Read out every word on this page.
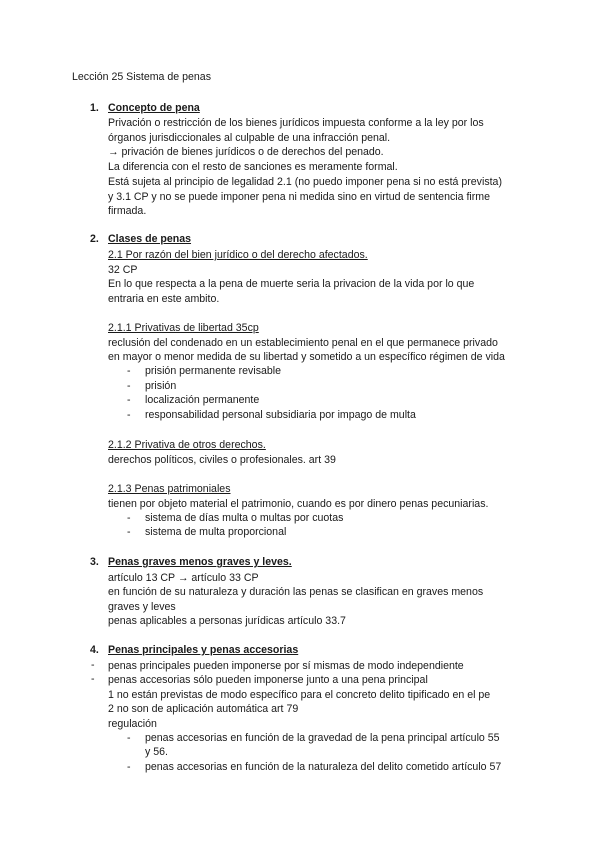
Lección 25 Sistema de penas
1. Concepto de pena
Privación o restricción de los bienes jurídicos impuesta conforme a la ley por los
órganos jurisdiccionales al culpable de una infracción penal.
→ privación de bienes jurídicos o de derechos del penado.
La diferencia con el resto de sanciones es meramente formal.
Está sujeta al principio de legalidad 2.1 (no puedo imponer pena si no está prevista)
y 3.1 CP y no se puede imponer pena ni medida sino en virtud de sentencia firme
firmada.
2. Clases de penas
2.1 Por razón del bien jurídico o del derecho afectados.
32 CP
En lo que respecta a la pena de muerte seria la privacion de la vida por lo que
entraria en este ambito.
2.1.1 Privativas de libertad 35cp
reclusión del condenado en un establecimiento penal en el que permanece privado
en mayor o menor medida de su libertad y sometido a un específico régimen de vida
- prisión permanente revisable
- prisión
- localización permanente
- responsabilidad personal subsidiaria por impago de multa
2.1.2 Privativa de otros derechos.
derechos políticos, civiles o profesionales. art 39
2.1.3 Penas patrimoniales
tienen por objeto material el patrimonio, cuando es por dinero penas pecuniarias.
- sistema de días multa o multas por cuotas
- sistema de multa proporcional
3. Penas graves menos graves y leves.
artículo 13 CP → artículo 33 CP
en función de su naturaleza y duración las penas se clasifican en graves menos
graves y leves
penas aplicables a personas jurídicas artículo 33.7
4. Penas principales y penas accesorias
- penas principales pueden imponerse por sí mismas de modo independiente
- penas accesorias sólo pueden imponerse junto a una pena principal
1 no están previstas de modo específico para el concreto delito tipificado en el pe
2 no son de aplicación automática art 79
regulación
- penas accesorias en función de la gravedad de la pena principal artículo 55
y 56.
- penas accesorias en función de la naturaleza del delito cometido artículo 57
